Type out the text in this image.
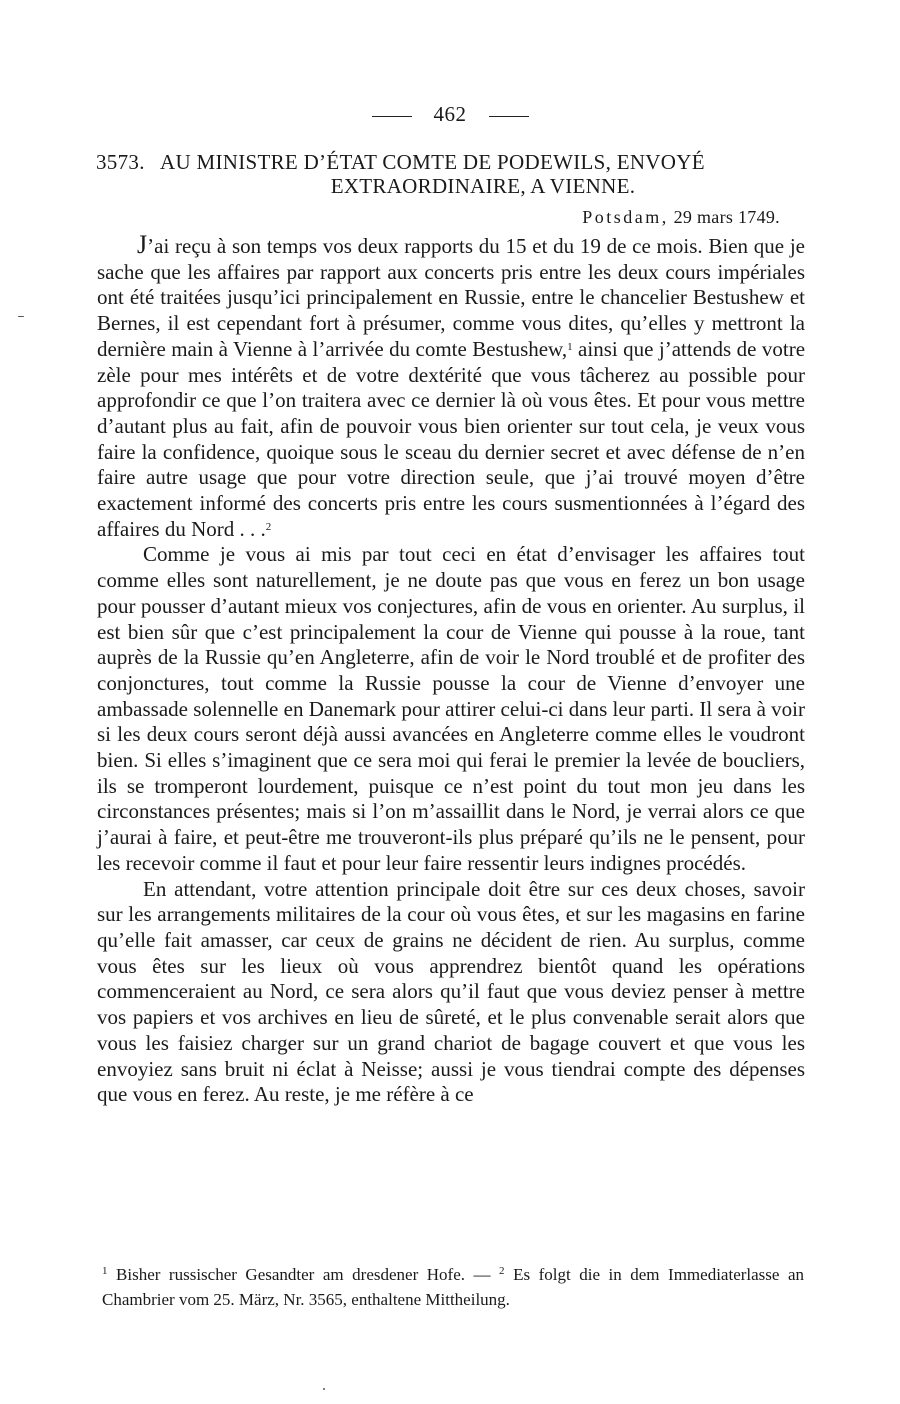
462
3573. AU MINISTRE D’ÉTAT COMTE DE PODEWILS, ENVOYÉ
EXTRAORDINAIRE, A VIENNE.
Potsdam, 29 mars 1749.

J’ai reçu à son temps vos deux rapports du 15 et du 19 de ce mois. Bien que je sache que les affaires par rapport aux concerts pris entre les deux cours impériales ont été traitées jusqu’ici principalement en Russie, entre le chancelier Bestushew et Bernes, il est cependant fort à présumer, comme vous dites, qu’elles y mettront la dernière main à Vienne à l’arrivée du comte Bestushew,$^1$ ainsi que j’attends de votre zèle pour mes intérêts et de votre dextérité que vous tâcherez au possible pour approfondir ce que l’on traitera avec ce dernier là où vous êtes. Et pour vous mettre d’autant plus au fait, afin de pouvoir vous bien orienter sur tout cela, je veux vous faire la confidence, quoique sous le sceau du dernier secret et avec défense de n’en faire autre usage que pour votre direction seule, que j’ai trouvé moyen d’être exactement informé des concerts pris entre les cours susmentionnées à l’égard des affaires du Nord . . .$^2$

Comme je vous ai mis par tout ceci en état d’envisager les affaires tout comme elles sont naturellement, je ne doute pas que vous en ferez un bon usage pour pousser d’autant mieux vos conjectures, afin de vous en orienter. Au surplus, il est bien sûr que c’est principalement la cour de Vienne qui pousse à la roue, tant auprès de la Russie qu’en Angleterre, afin de voir le Nord troublé et de profiter des conjonctures, tout comme la Russie pousse la cour de Vienne d’envoyer une ambassade solennelle en Danemark pour attirer celui-ci dans leur parti. Il sera à voir si les deux cours seront déjà aussi avancées en Angleterre comme elles le voudront bien. Si elles s’imaginent que ce sera moi qui ferai le premier la levée de boucliers, ils se tromperont lourdement, puisque ce n’est point du tout mon jeu dans les circonstances présentes; mais si l’on m’assaillit dans le Nord, je verrai alors ce que j’aurai à faire, et peut-être me trouveront-ils plus préparé qu’ils ne le pensent, pour les recevoir comme il faut et pour leur faire ressentir leurs indignes procédés.

En attendant, votre attention principale doit être sur ces deux choses, savoir sur les arrangements militaires de la cour où vous êtes, et sur les magasins en farine qu’elle fait amasser, car ceux de grains ne décident de rien. Au surplus, comme vous êtes sur les lieux où vous apprendrez bientôt quand les opérations commenceraient au Nord, ce sera alors qu’il faut que vous deviez penser à mettre vos papiers et vos archives en lieu de sûreté, et le plus convenable serait alors que vous les faisiez charger sur un grand chariot de bagage couvert et que vous les envoyiez sans bruit ni éclat à Neisse; aussi je vous tiendrai compte des dépenses que vous en ferez. Au reste, je me réfère à ce

$^1$ Bisher russischer Gesandter am dresdener Hofe. — $^2$ Es folgt die in dem Immediaterlasse an Chambrier vom 25. März, Nr. 3565, enthaltene Mittheilung.
